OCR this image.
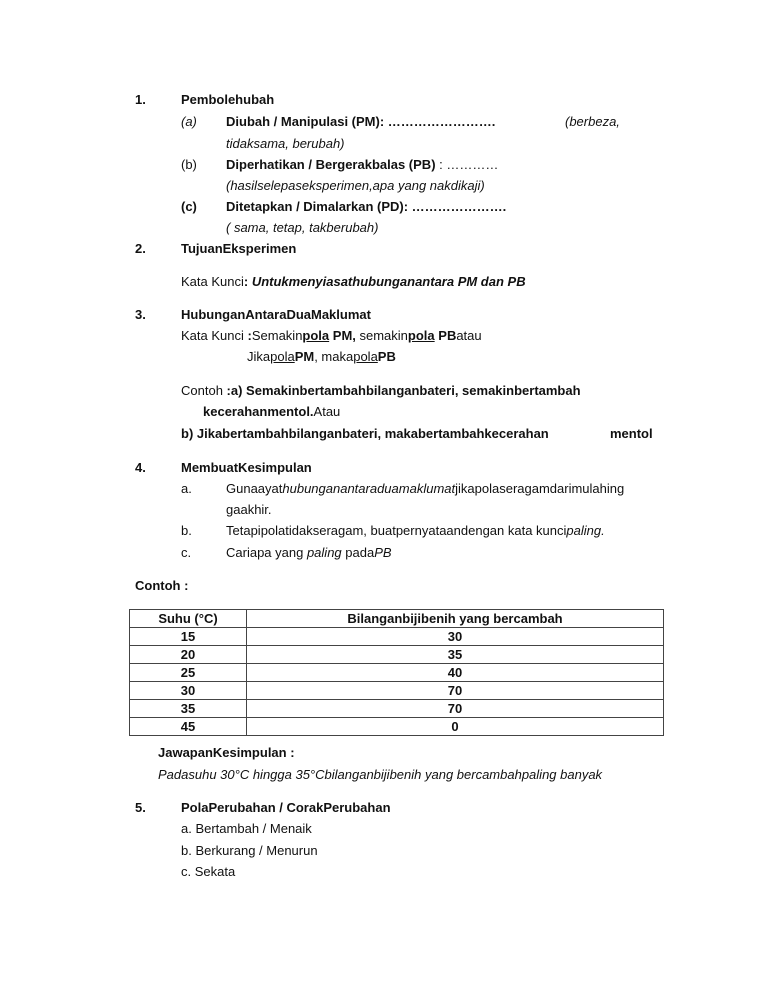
1.	Pembolehubah
(a) Diubah / Manipulasi (PM): …………………….	(berbeza,
tidaksama, berubah)
(b) Diperhatikan / Bergerakbalas (PB) : …………
(hasilselepaseksperimen,apa yang nakdikaji)
(c) Ditetapkan / Dimalarkan (PD): ………………….
( sama, tetap, takberubah)
2.	TujuanEksperimen
Kata Kunci: Untukmenyiasathubunganantara PM dan PB
3.	HubunganAntaraDuaMaklumat
Kata Kunci :Semakinpola PM, semakinpola PBatau
JikapolaPM, makapolaPB
Contoh :a) Semakinbertambahbilanganbateri, semakinbertambah
kecerahanmentol.Atau
b) Jikabertambahbilanganbateri, makabertambahkecerahan	mentol
4.	MembuatKesimpulan
a.	Gunaayathubunganantaraduamaklumatjikapolaseragamdarimulahing
gaakhir.
b.	Tetapipolatidakseragam, buatpernyataandengan kata kuncipaling.
c.	Cariapa yang paling padaPB
Contoh :
Suhu (°C)	Bilanganbijibenih yang bercambah
15	30
20	35
25	40
30	70
35	70
45	0
JawapanKesimpulan :
Padasuhu 30°C hingga 35°Cbilanganbijibenih yang bercambahpaling banyak
5.	PolaPerubahan / CorakPerubahan
a. Bertambah / Menaik
b. Berkurang / Menurun
c. Sekata
